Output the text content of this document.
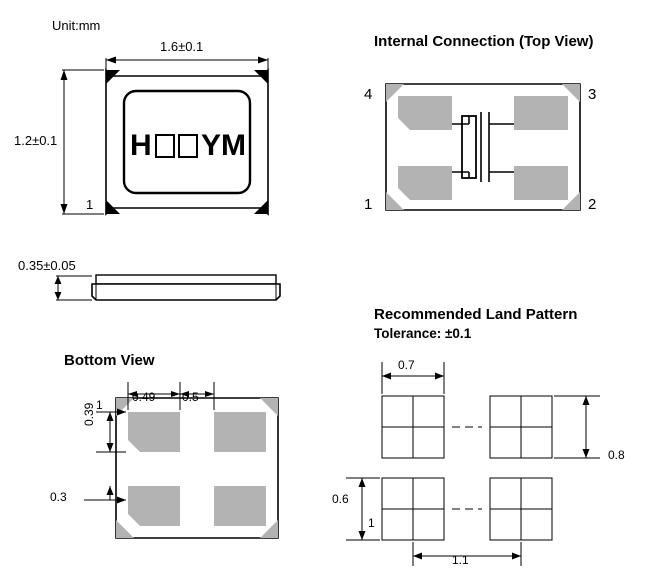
Unit:mm
1.6±0.1
1.2±0.1
1
H YM
0.35±0.05
Internal Connection (Top View)
4	3
1	2
Bottom View
0.49 0.5
1
0.39
0.3
Recommended Land Pattern
Tolerance: ±0.1
0.7
0.8
0.6
1
1.1
